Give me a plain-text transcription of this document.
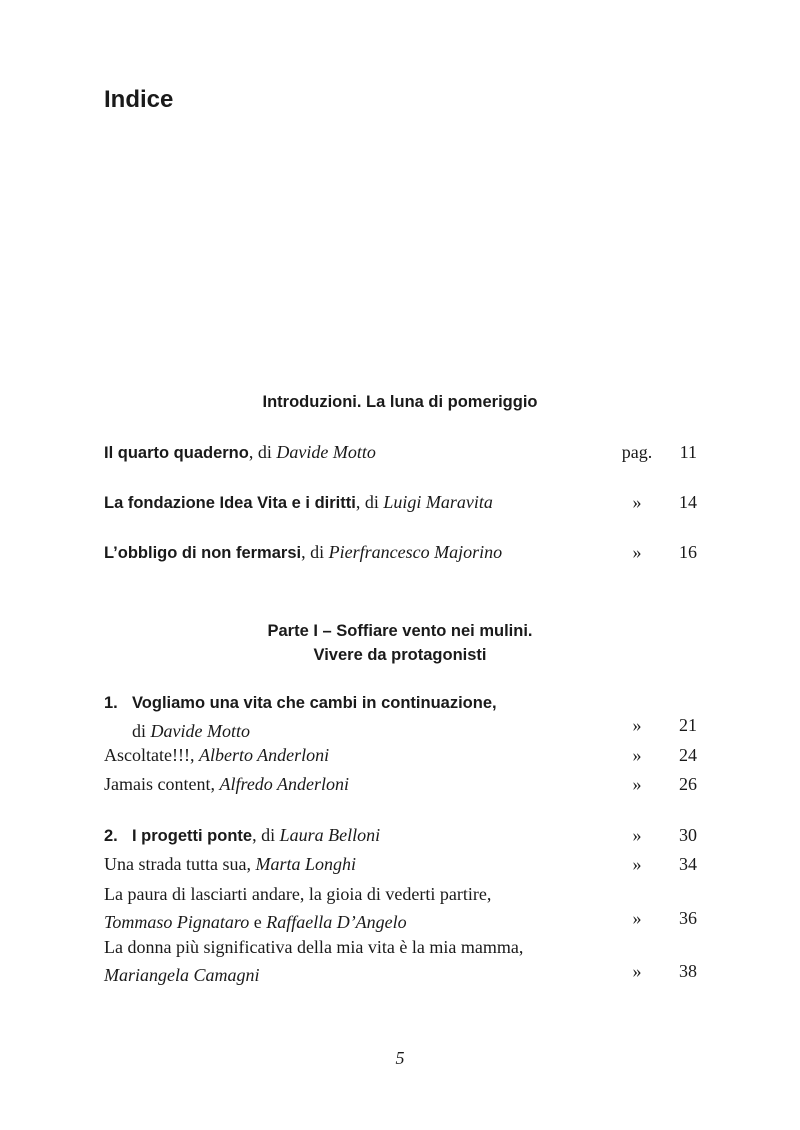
Indice
Introduzioni. La luna di pomeriggio
Il quarto quaderno, di Davide Motto	pag.	11
La fondazione Idea Vita e i diritti, di Luigi Maravita	»	14
L’obbligo di non fermarsi, di Pierfrancesco Majorino	»	16
Parte I – Soffiare vento nei mulini.
Vivere da protagonisti
1. Vogliamo una vita che cambi in continuazione,
di Davide Motto	»	21
Ascoltate!!!, Alberto Anderloni	»	24
Jamais content, Alfredo Anderloni	»	26
2. I progetti ponte, di Laura Belloni	»	30
Una strada tutta sua, Marta Longhi	»	34
La paura di lasciarti andare, la gioia di vederti partire,
Tommaso Pignataro e Raffaella D’Angelo	»	36
La donna più significativa della mia vita è la mia mamma,
Mariangela Camagni	»	38
5
